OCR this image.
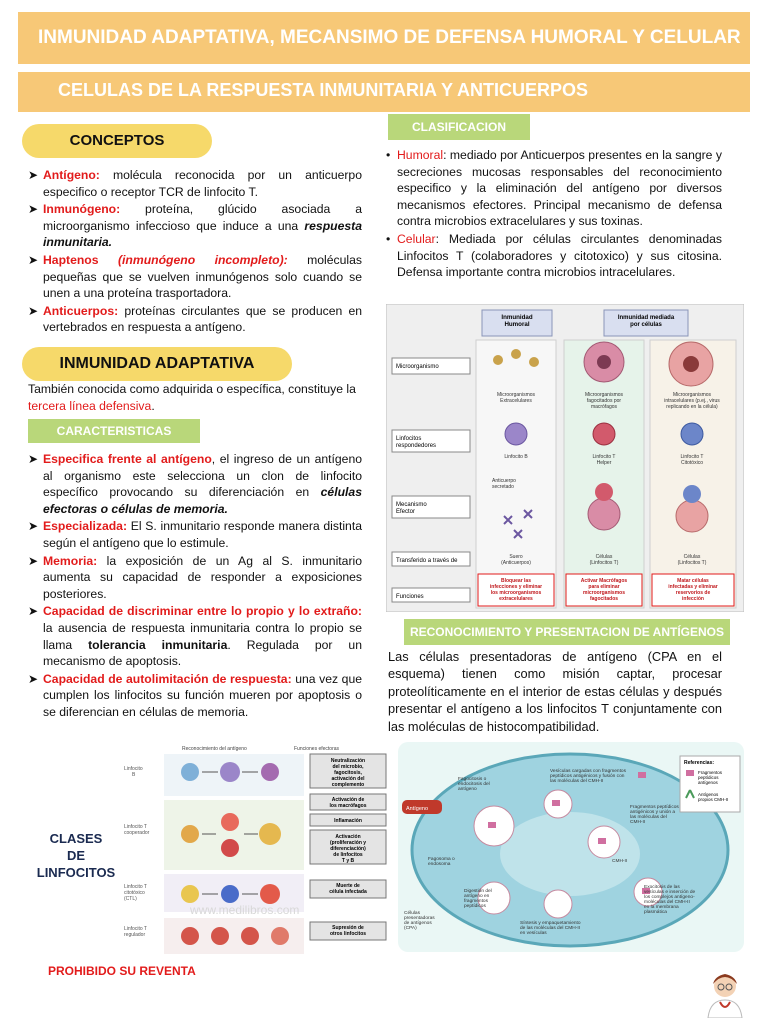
INMUNIDAD ADAPTATIVA, MECANSIMO DE DEFENSA HUMORAL Y CELULAR
CELULAS DE LA RESPUESTA INMUNITARIA Y ANTICUERPOS
CONCEPTOS
➤ Antígeno: molécula reconocida por un anticuerpo especifico o receptor TCR de linfocito T.
➤ Inmunógeno: proteína, glúcido asociada a microorganismo infeccioso que induce a una respuesta inmunitaria.
➤ Haptenos (inmunógeno incompleto): moléculas pequeñas que se vuelven inmunógenos solo cuando se unen a una proteína trasportadora.
➤ Anticuerpos: proteínas circulantes que se producen en vertebrados en respuesta a antígeno.
INMUNIDAD ADAPTATIVA
También conocida como adquirida o específica, constituye la tercera línea defensiva.
CARACTERISTICAS
➤ Especifica frente al antígeno, el ingreso de un antígeno al organismo este selecciona un clon de linfocito específico provocando su diferenciación en células efectoras o células de memoria.
➤ Especializada: El S. inmunitario responde manera distinta según el antígeno que lo estimule.
➤ Memoria: la exposición de un Ag al S. inmunitario aumenta su capacidad de responder a exposiciones posteriores.
➤ Capacidad de discriminar entre lo propio y lo extraño: la ausencia de respuesta inmunitaria contra lo propio se llama tolerancia inmunitaria. Regulada por un mecanismo de apoptosis.
➤ Capacidad de autolimitación de respuesta: una vez que cumplen los linfocitos su función mueren por apoptosis o se diferencian en células de memoria.
CLASIFICACION
• Humoral: mediado por Anticuerpos presentes en la sangre y secreciones mucosas responsables del reconocimiento especifico y la eliminación del antígeno por diversos mecanismos efectores. Principal mecanismo de defensa contra microbios extracelulares y sus toxinas.
• Celular: Mediada por células circulantes denominadas Linfocitos T (colaboradores y citotoxico) y sus citosina. Defensa importante contra microbios intracelulares.
Inmunidad Humoral
Inmunidad mediada por células
Microorganismo
Linfocitos respondedores
Mecanismo Efector
Transferido a través de
Funciones
Microorganismos Extracelulares
Microorganismos fagocitados por macrófagos
Microorganismos intracelulares (p.ej., virus replicando en la célula)
Linfocito B	Linfocito T Helper
Linfocito T Citotóxico
Anticuerpo secretado
Suero (Anticuerpos)
Células (Linfocitos T)
Células (Linfocitos T)
Bloquear las infecciones y eliminar los microorganismos extracelulares
Activar Macrófagos para eliminar microorganismos fagocitados
Matar células infectadas y eliminar reservorios de infección
RECONOCIMIENTO Y PRESENTACION DE ANTÍGENOS
Las células presentadoras de antígeno (CPA en el esquema) tienen como misión captar, procesar proteolíticamente en el interior de estas células y después presentar el antígeno a los linfocitos T conjuntamente con las moléculas de histocompatibilidad.
CLASES
DE
LINFOCITOS
Reconocimiento del antígeno	Funciones efectoras
Linfocito B
Linfocito T cooperador
Linfocito T citotóxico (CTL)
Linfocito T regulador
Neutralización del microbio, fagocitosis, activación del complemento
Activación de los macrófagos
Inflamación
Activación (proliferación y diferenciación) de linfocitos T y B
Muerte de célula infectada
Supresión de otros linfocitos
www.medilibros.com
Antígeno
Fagocitosis o endocitosis del antígeno
Vesículas cargadas con fragmentos peptídicos antigénicos y fusión con las moléculas del CMH-II
Fragmentos peptídicos antigénicos y unión a las moléculas del CMH-II
Fagosoma o endosoma
Digestión del antígeno en fragmentos peptídicos
Síntesis y empaquetamiento de las moléculas del CMH-II en vesículas
Exocitosis de las vesículas e inserción de los complejos antígeno-moléculas del CMH-II en la membrana plasmática
Células presentadoras de antígenos (CPA)
CMH-II
Referencias:
Fragmentos peptídicos antígenos
Antígenos propios CMH-II
PROHIBIDO SU REVENTA
